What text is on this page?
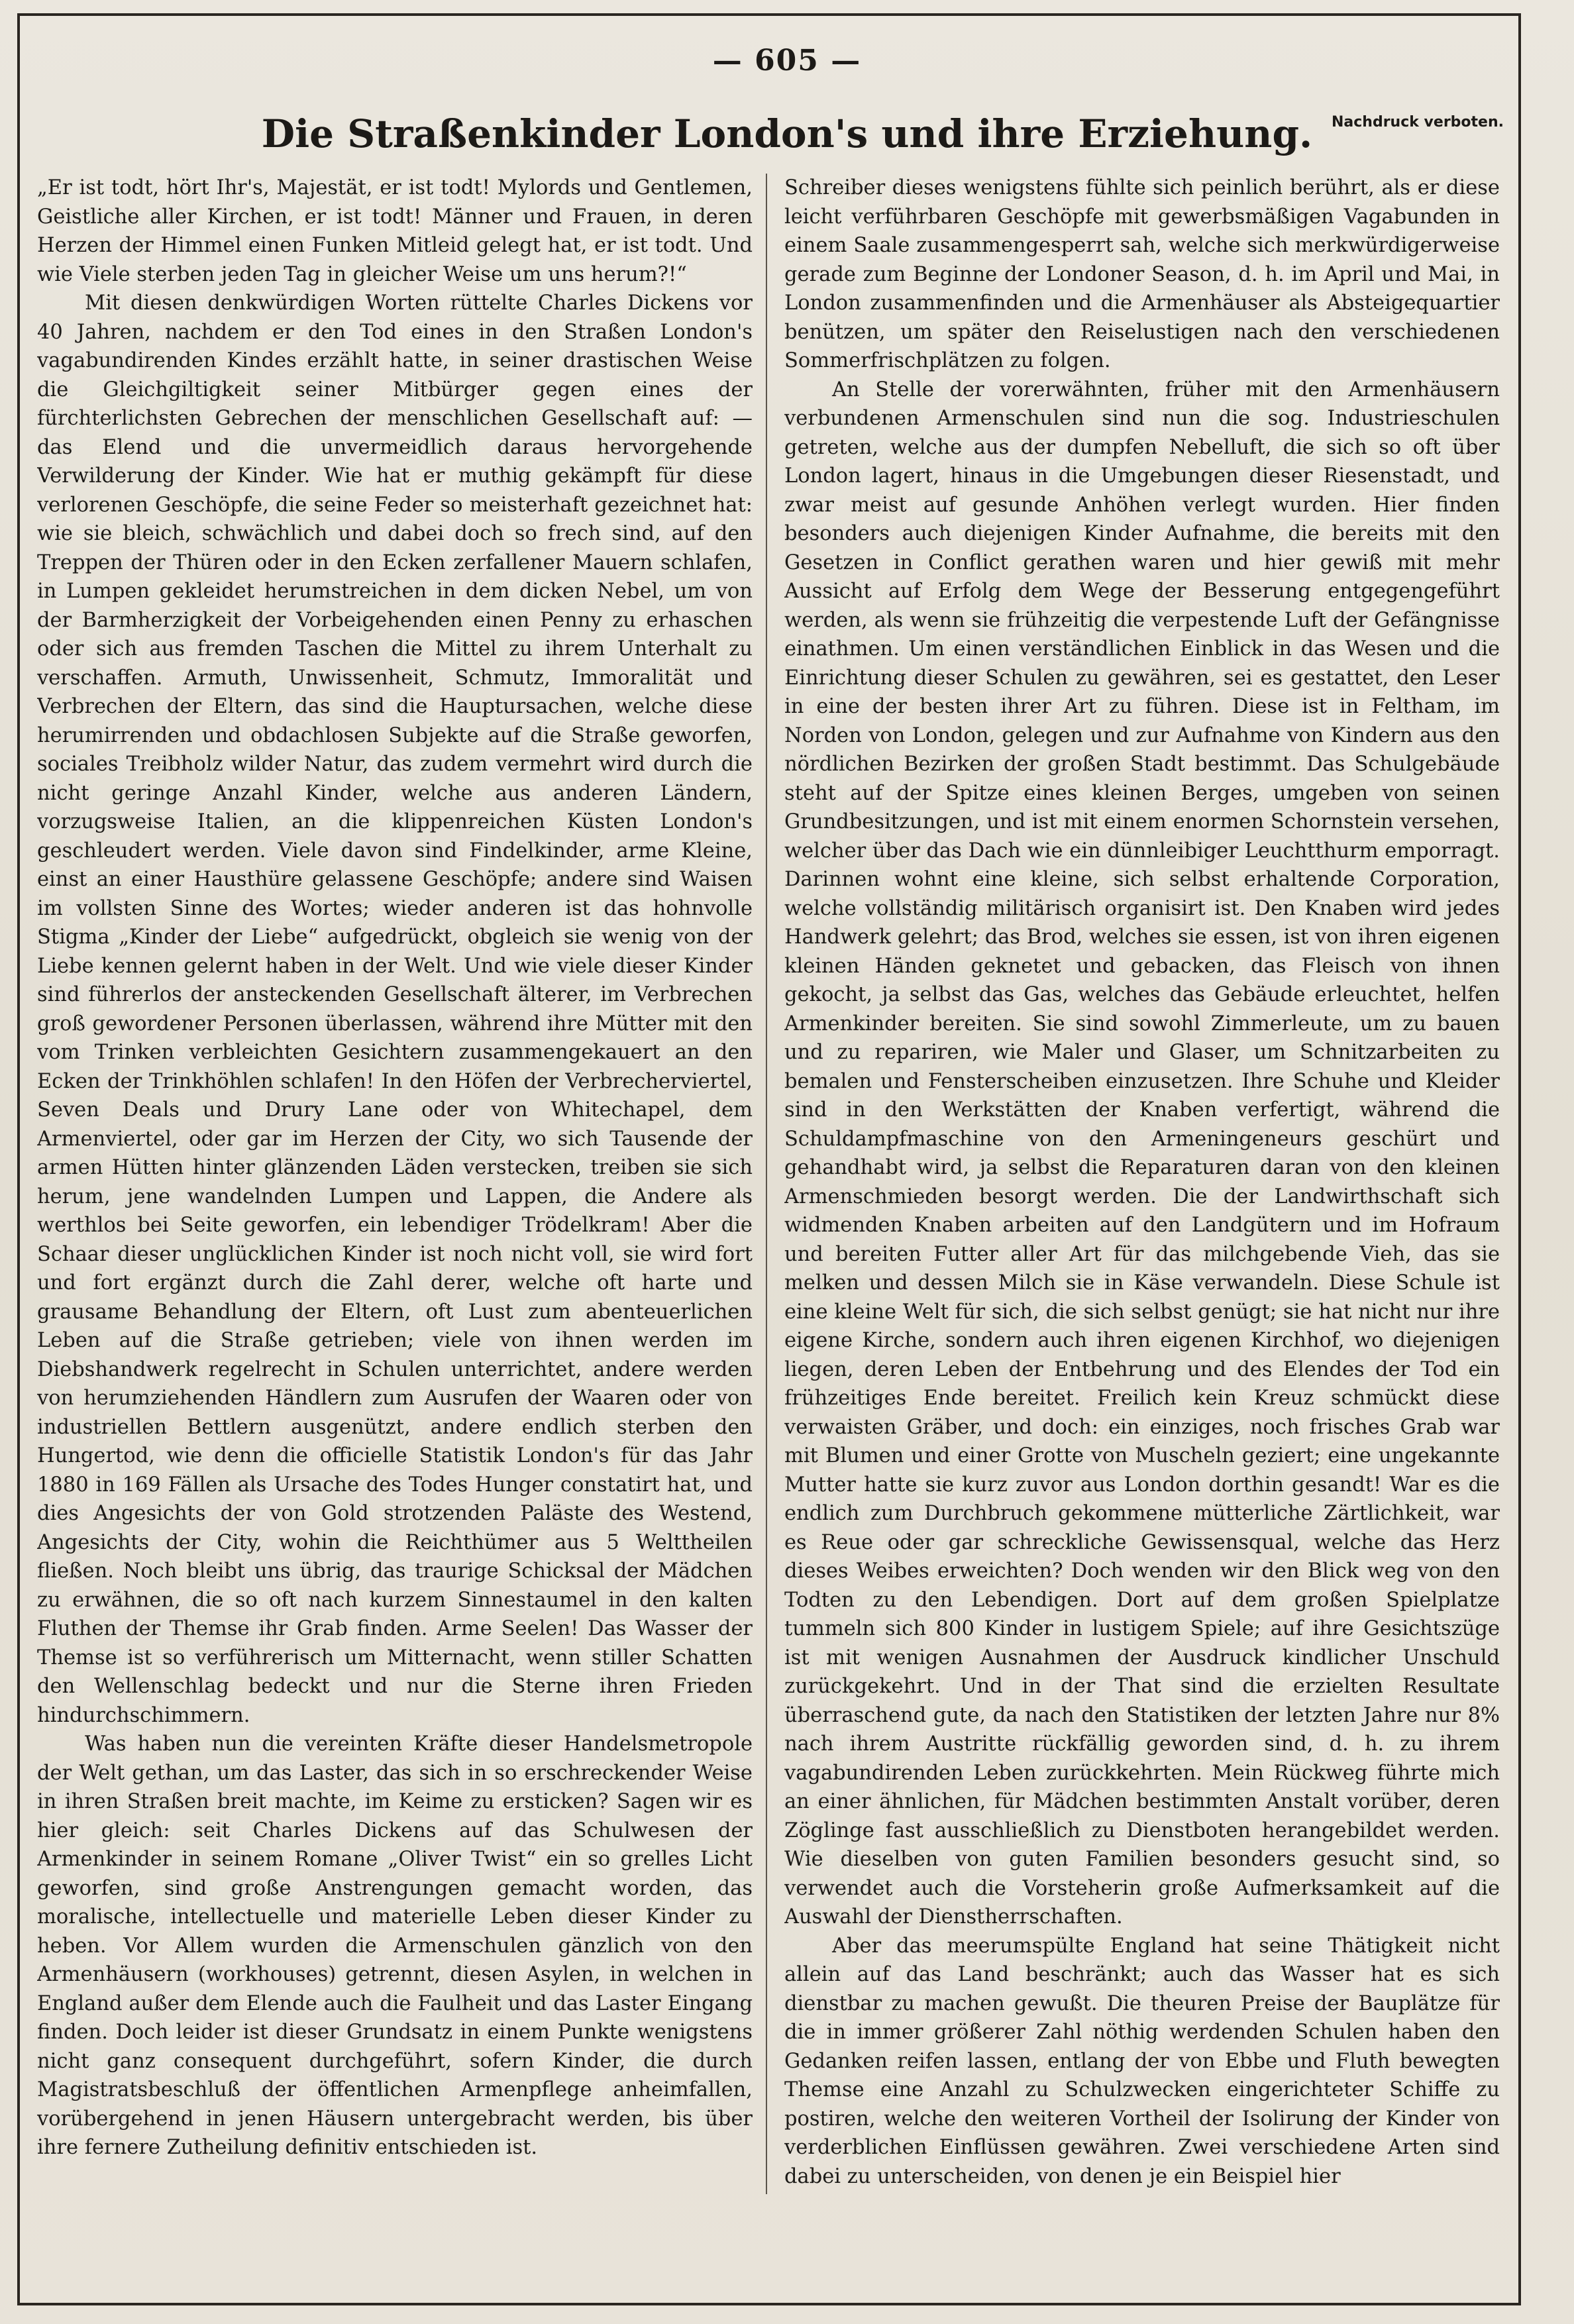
— 605 —
Die Straßenkinder London's und ihre Erziehung.	Nachdruck verboten.

„Er ist todt, hört Ihr's, Majestät, er ist todt! Mylords und Gentlemen, Geistliche aller Kirchen, er ist todt! Männer und Frauen, in deren Herzen der Himmel einen Funken Mitleid gelegt hat, er ist todt. Und wie Viele sterben jeden Tag in gleicher Weise um uns herum?!“

Mit diesen denkwürdigen Worten rüttelte Charles Dickens vor 40 Jahren, nachdem er den Tod eines in den Straßen London's vagabundirenden Kindes erzählt hatte, in seiner drastischen Weise die Gleichgiltigkeit seiner Mitbürger gegen eines der fürchterlichsten Gebrechen der menschlichen Gesellschaft auf: — das Elend und die unvermeidlich daraus hervorgehende Verwilderung der Kinder. Wie hat er muthig gekämpft für diese verlorenen Geschöpfe, die seine Feder so meisterhaft gezeichnet hat: wie sie bleich, schwächlich und dabei doch so frech sind, auf den Treppen der Thüren oder in den Ecken zerfallener Mauern schlafen, in Lumpen gekleidet herumstreichen in dem dicken Nebel, um von der Barmherzigkeit der Vorbeigehenden einen Penny zu erhaschen oder sich aus fremden Taschen die Mittel zu ihrem Unterhalt zu verschaffen. Armuth, Unwissenheit, Schmutz, Immoralität und Verbrechen der Eltern, das sind die Hauptursachen, welche diese herumirrenden und obdachlosen Subjekte auf die Straße geworfen, sociales Treibholz wilder Natur, das zudem vermehrt wird durch die nicht geringe Anzahl Kinder, welche aus anderen Ländern, vorzugsweise Italien, an die klippenreichen Küsten London's geschleudert werden. Viele davon sind Findelkinder, arme Kleine, einst an einer Hausthüre gelassene Geschöpfe; andere sind Waisen im vollsten Sinne des Wortes; wieder anderen ist das hohnvolle Stigma „Kinder der Liebe“ aufgedrückt, obgleich sie wenig von der Liebe kennen gelernt haben in der Welt. Und wie viele dieser Kinder sind führerlos der ansteckenden Gesellschaft älterer, im Verbrechen groß gewordener Personen überlassen, während ihre Mütter mit den vom Trinken verbleichten Gesichtern zusammengekauert an den Ecken der Trinkhöhlen schlafen! In den Höfen der Verbrecherviertel, Seven Deals und Drury Lane oder von Whitechapel, dem Armenviertel, oder gar im Herzen der City, wo sich Tausende der armen Hütten hinter glänzenden Läden verstecken, treiben sie sich herum, jene wandelnden Lumpen und Lappen, die Andere als werthlos bei Seite geworfen, ein lebendiger Trödelkram! Aber die Schaar dieser unglücklichen Kinder ist noch nicht voll, sie wird fort und fort ergänzt durch die Zahl derer, welche oft harte und grausame Behandlung der Eltern, oft Lust zum abenteuerlichen Leben auf die Straße getrieben; viele von ihnen werden im Diebshandwerk regelrecht in Schulen unterrichtet, andere werden von herumziehenden Händlern zum Ausrufen der Waaren oder von industriellen Bettlern ausgenützt, andere endlich sterben den Hungertod, wie denn die officielle Statistik London's für das Jahr 1880 in 169 Fällen als Ursache des Todes Hunger constatirt hat, und dies Angesichts der von Gold strotzenden Paläste des Westend, Angesichts der City, wohin die Reichthümer aus 5 Welttheilen fließen. Noch bleibt uns übrig, das traurige Schicksal der Mädchen zu erwähnen, die so oft nach kurzem Sinnestaumel in den kalten Fluthen der Themse ihr Grab finden. Arme Seelen! Das Wasser der Themse ist so verführerisch um Mitternacht, wenn stiller Schatten den Wellenschlag bedeckt und nur die Sterne ihren Frieden hindurchschimmern.

Was haben nun die vereinten Kräfte dieser Handelsmetropole der Welt gethan, um das Laster, das sich in so erschreckender Weise in ihren Straßen breit machte, im Keime zu ersticken? Sagen wir es hier gleich: seit Charles Dickens auf das Schulwesen der Armenkinder in seinem Romane „Oliver Twist“ ein so grelles Licht geworfen, sind große Anstrengungen gemacht worden, das moralische, intellectuelle und materielle Leben dieser Kinder zu heben. Vor Allem wurden die Armenschulen gänzlich von den Armenhäusern (workhouses) getrennt, diesen Asylen, in welchen in England außer dem Elende auch die Faulheit und das Laster Eingang finden. Doch leider ist dieser Grundsatz in einem Punkte wenigstens nicht ganz consequent durchgeführt, sofern Kinder, die durch Magistratsbeschluß der öffentlichen Armenpflege anheimfallen, vorübergehend in jenen Häusern untergebracht werden, bis über ihre fernere Zutheilung definitiv entschieden ist.

Schreiber dieses wenigstens fühlte sich peinlich berührt, als er diese leicht verführbaren Geschöpfe mit gewerbsmäßigen Vagabunden in einem Saale zusammengesperrt sah, welche sich merkwürdigerweise gerade zum Beginne der Londoner Season, d. h. im April und Mai, in London zusammenfinden und die Armenhäuser als Absteigequartier benützen, um später den Reiselustigen nach den verschiedenen Sommerfrischplätzen zu folgen.

An Stelle der vorerwähnten, früher mit den Armenhäusern verbundenen Armenschulen sind nun die sog. Industrieschulen getreten, welche aus der dumpfen Nebelluft, die sich so oft über London lagert, hinaus in die Umgebungen dieser Riesenstadt, und zwar meist auf gesunde Anhöhen verlegt wurden. Hier finden besonders auch diejenigen Kinder Aufnahme, die bereits mit den Gesetzen in Conflict gerathen waren und hier gewiß mit mehr Aussicht auf Erfolg dem Wege der Besserung entgegengeführt werden, als wenn sie frühzeitig die verpestende Luft der Gefängnisse einathmen. Um einen verständlichen Einblick in das Wesen und die Einrichtung dieser Schulen zu gewähren, sei es gestattet, den Leser in eine der besten ihrer Art zu führen. Diese ist in Feltham, im Norden von London, gelegen und zur Aufnahme von Kindern aus den nördlichen Bezirken der großen Stadt bestimmt. Das Schulgebäude steht auf der Spitze eines kleinen Berges, umgeben von seinen Grundbesitzungen, und ist mit einem enormen Schornstein versehen, welcher über das Dach wie ein dünnleibiger Leuchtthurm emporragt. Darinnen wohnt eine kleine, sich selbst erhaltende Corporation, welche vollständig militärisch organisirt ist. Den Knaben wird jedes Handwerk gelehrt; das Brod, welches sie essen, ist von ihren eigenen kleinen Händen geknetet und gebacken, das Fleisch von ihnen gekocht, ja selbst das Gas, welches das Gebäude erleuchtet, helfen Armenkinder bereiten. Sie sind sowohl Zimmerleute, um zu bauen und zu repariren, wie Maler und Glaser, um Schnitzarbeiten zu bemalen und Fensterscheiben einzusetzen. Ihre Schuhe und Kleider sind in den Werkstätten der Knaben verfertigt, während die Schuldampfmaschine von den Armeningeneurs geschürt und gehandhabt wird, ja selbst die Reparaturen daran von den kleinen Armenschmieden besorgt werden. Die der Landwirthschaft sich widmenden Knaben arbeiten auf den Landgütern und im Hofraum und bereiten Futter aller Art für das milchgebende Vieh, das sie melken und dessen Milch sie in Käse verwandeln. Diese Schule ist eine kleine Welt für sich, die sich selbst genügt; sie hat nicht nur ihre eigene Kirche, sondern auch ihren eigenen Kirchhof, wo diejenigen liegen, deren Leben der Entbehrung und des Elendes der Tod ein frühzeitiges Ende bereitet. Freilich kein Kreuz schmückt diese verwaisten Gräber, und doch: ein einziges, noch frisches Grab war mit Blumen und einer Grotte von Muscheln geziert; eine ungekannte Mutter hatte sie kurz zuvor aus London dorthin gesandt! War es die endlich zum Durchbruch gekommene mütterliche Zärtlichkeit, war es Reue oder gar schreckliche Gewissensqual, welche das Herz dieses Weibes erweichten? Doch wenden wir den Blick weg von den Todten zu den Lebendigen. Dort auf dem großen Spielplatze tummeln sich 800 Kinder in lustigem Spiele; auf ihre Gesichtszüge ist mit wenigen Ausnahmen der Ausdruck kindlicher Unschuld zurückgekehrt. Und in der That sind die erzielten Resultate überraschend gute, da nach den Statistiken der letzten Jahre nur 8% nach ihrem Austritte rückfällig geworden sind, d. h. zu ihrem vagabundirenden Leben zurückkehrten. Mein Rückweg führte mich an einer ähnlichen, für Mädchen bestimmten Anstalt vorüber, deren Zöglinge fast ausschließlich zu Dienstboten herangebildet werden. Wie dieselben von guten Familien besonders gesucht sind, so verwendet auch die Vorsteherin große Aufmerksamkeit auf die Auswahl der Dienstherrschaften.

Aber das meerumspülte England hat seine Thätigkeit nicht allein auf das Land beschränkt; auch das Wasser hat es sich dienstbar zu machen gewußt. Die theuren Preise der Bauplätze für die in immer größerer Zahl nöthig werdenden Schulen haben den Gedanken reifen lassen, entlang der von Ebbe und Fluth bewegten Themse eine Anzahl zu Schulzwecken eingerichteter Schiffe zu postiren, welche den weiteren Vortheil der Isolirung der Kinder von verderblichen Einflüssen gewähren. Zwei verschiedene Arten sind dabei zu unterscheiden, von denen je ein Beispiel hier
